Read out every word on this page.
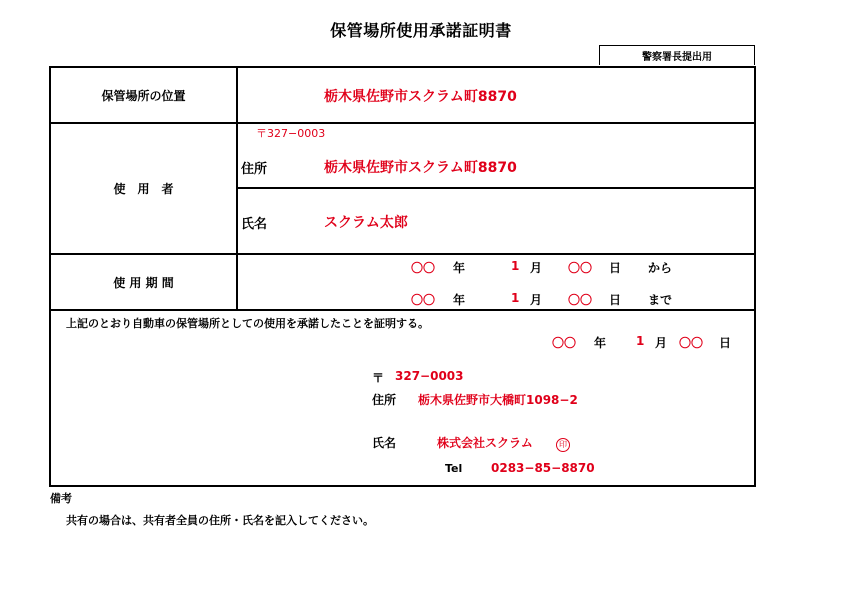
保管場所使用承諾証明書
警察署長提出用
保管場所の位置	栃木県佐野市スクラム町8870
使　用　者
〒327−0003
住所	栃木県佐野市スクラム町8870
氏名	スクラム太郎
使 用 期 間
〇〇 年	1 月 〇〇 日 から
〇〇 年	1 月 〇〇 日 まで
上記のとおり自動車の保管場所としての使用を承諾したことを証明する。
〇〇 年 1 月 〇〇 日
〒 327−0003
住所 栃木県佐野市大橋町1098−2
氏名	株式会社スクラム	印
Tel 0283−85−8870
備考
共有の場合は、共有者全員の住所・氏名を記入してください。
